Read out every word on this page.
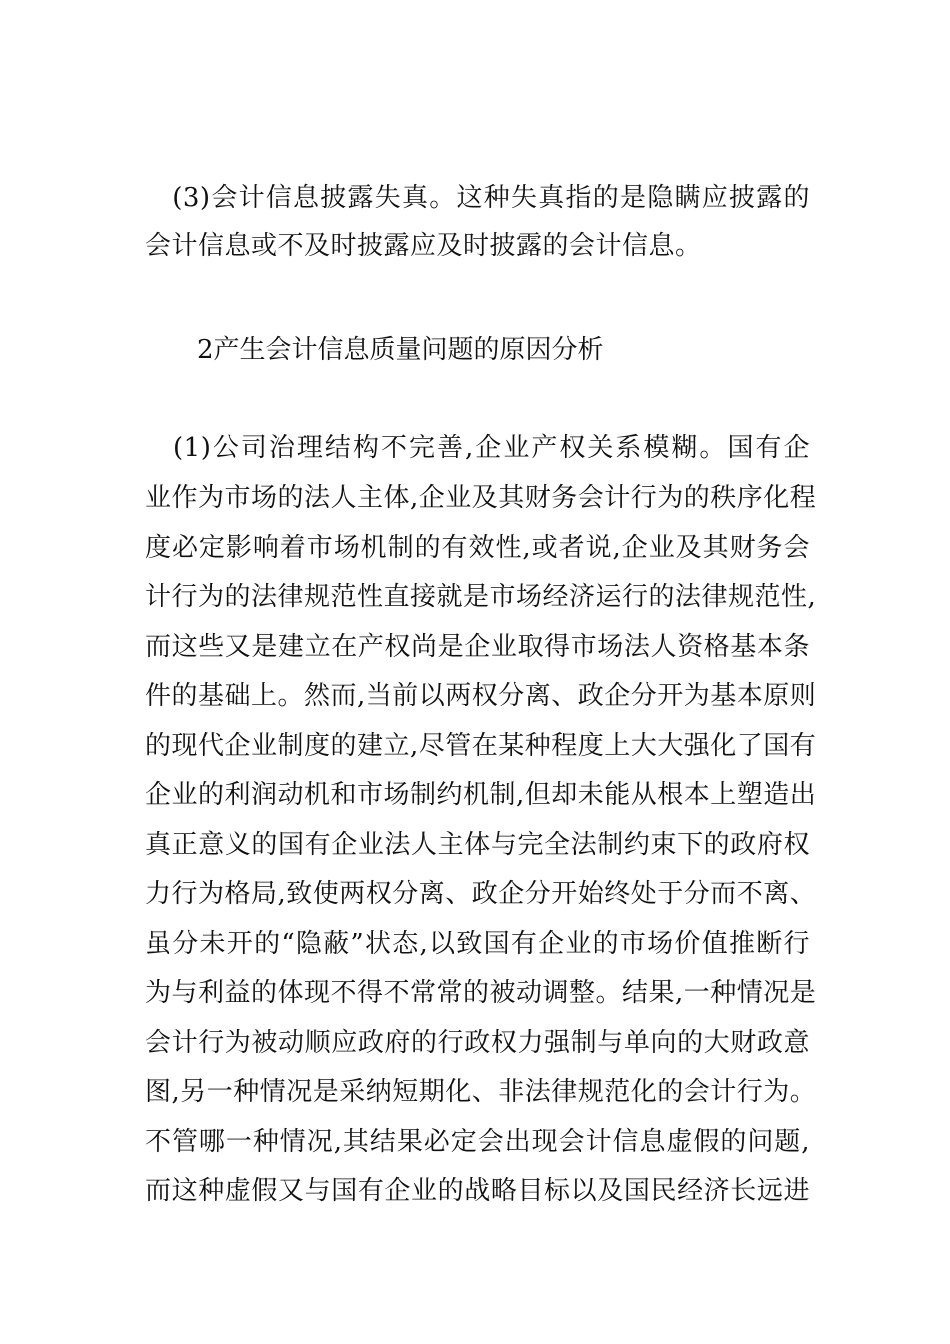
　(3)会计信息披露失真。这种失真指的是隐瞒应披露的
会计信息或不及时披露应及时披露的会计信息。
2产生会计信息质量问题的原因分析
　(1)公司治理结构不完善,企业产权关系模糊。国有企
业作为市场的法人主体,企业及其财务会计行为的秩序化程
度必定影响着市场机制的有效性,或者说,企业及其财务会
计行为的法律规范性直接就是市场经济运行的法律规范性,
而这些又是建立在产权尚是企业取得市场法人资格基本条
件的基础上。然而,当前以两权分离、政企分开为基本原则
的现代企业制度的建立,尽管在某种程度上大大强化了国有
企业的利润动机和市场制约机制,但却未能从根本上塑造出
真正意义的国有企业法人主体与完全法制约束下的政府权
力行为格局,致使两权分离、政企分开始终处于分而不离、
虽分未开的“隐蔽”状态,以致国有企业的市场价值推断行
为与利益的体现不得不常常的被动调整。结果,一种情况是
会计行为被动顺应政府的行政权力强制与单向的大财政意
图,另一种情况是采纳短期化、非法律规范化的会计行为。
不管哪一种情况,其结果必定会出现会计信息虚假的问题,
而这种虚假又与国有企业的战略目标以及国民经济长远进
